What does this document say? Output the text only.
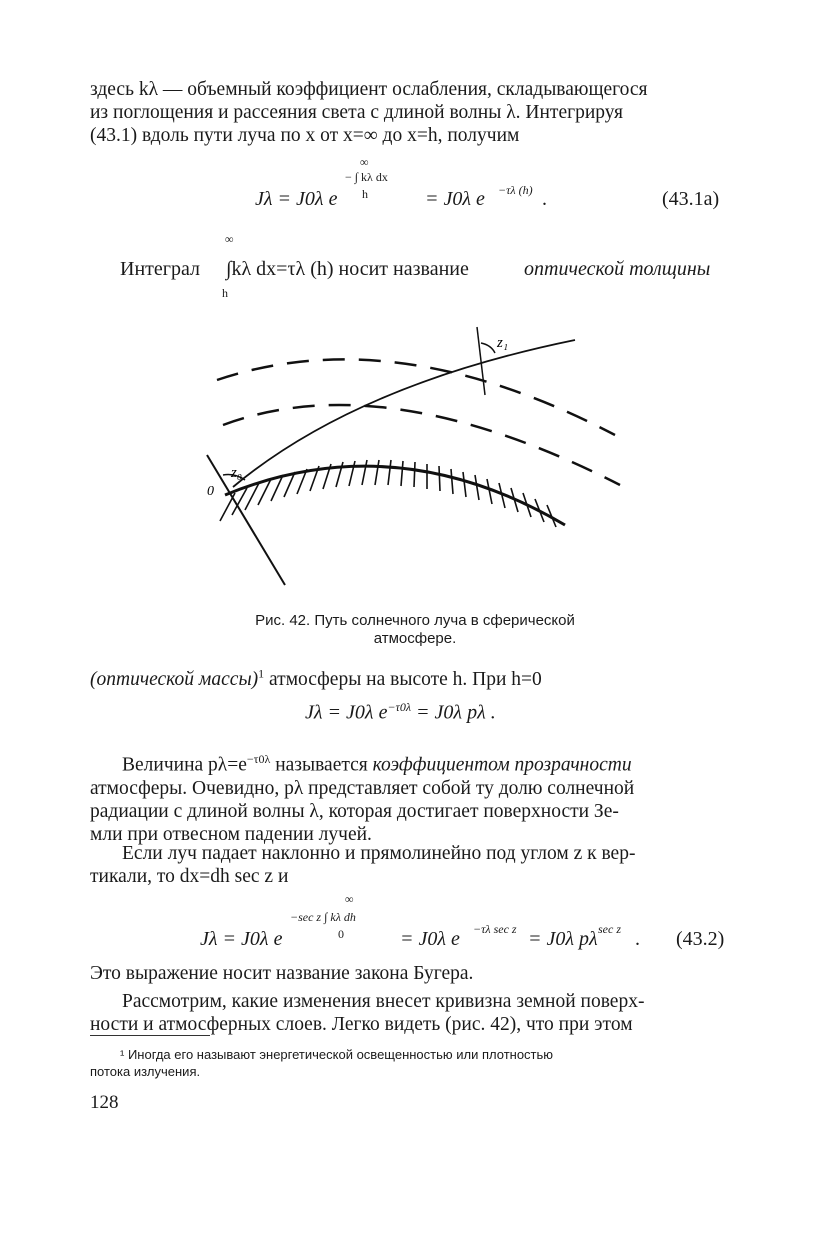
здесь kλ — объемный коэффициент ослабления, складывающегося
из поглощения и рассеяния света с длиной волны λ. Интегрируя
(43.1) вдоль пути луча по x от x=∞ до x=h, получим
∞
− ∫ kλ dx
h
Jλ = J0λ e	= J0λ e −τλ (h) .	(43.1a)
∞
Интеграл ∫kλ dx=τλ (h) носит название	оптической толщины
h
z₁
z₀
0
Рис. 42. Путь солнечного луча в сферической
атмосфере.
(оптической массы)$^1$ атмосферы на высоте h. При h=0
Jλ = J0λ $e^{-\tau 0\lambda} = J0\lambda$ pλ .
Величина $p\lambda=e^{-\tau 0\lambda}$ называется коэффициентом прозрачности
атмосферы. Очевидно, pλ представляет собой ту долю солнечной
радиации с длиной волны λ, которая достигает поверхности Зе-
мли при отвесном падении лучей.
Если луч падает наклонно и прямолинейно под углом z к вер-
тикали, то dx=dh sec z и
∞
−sec z ∫ kλ dh
0
Jλ = J0λ e	= J0λ e −τλ sec z = J0λ pλ sec z . (43.2)
Это выражение носит название закона Бугера.
Рассмотрим, какие изменения внесет кривизна земной поверх-
ности и атмосферных слоев. Легко видеть (рис. 42), что при этом
¹ Иногда его называют энергетической освещенностью или плотностью
потока излучения.
128
